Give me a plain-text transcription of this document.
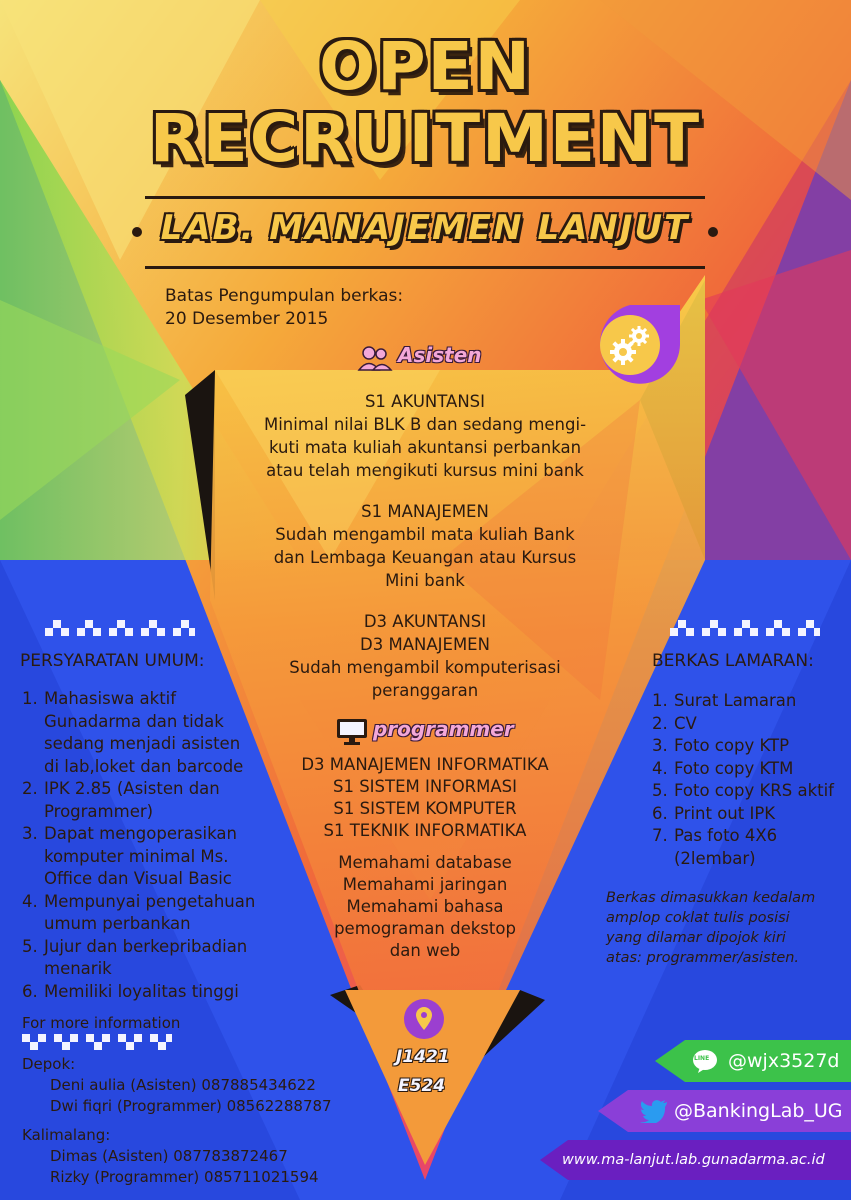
OPEN
RECRUITMENT
LAB. MANAJEMEN LANJUT
Batas Pengumpulan berkas:
20 Desember 2015
Asisten
S1 AKUNTANSI
Minimal nilai BLK B dan sedang mengi-
kuti mata kuliah akuntansi perbankan
atau telah mengikuti kursus mini bank
S1 MANAJEMEN
Sudah mengambil mata kuliah Bank
dan Lembaga Keuangan atau Kursus
Mini bank
D3 AKUNTANSI
D3 MANAJEMEN
Sudah mengambil komputerisasi
peranggaran
programmer
D3 MANAJEMEN INFORMATIKA
S1 SISTEM INFORMASI
S1 SISTEM KOMPUTER
S1 TEKNIK INFORMATIKA
Memahami database
Memahami jaringan
Memahami bahasa
pemograman dekstop
dan web
J1421
E524
PERSYARATAN UMUM:
1. Mahasiswa aktif
Gunadarma dan tidak
sedang menjadi asisten
di lab,loket dan barcode
2. IPK 2.85 (Asisten dan
Programmer)
3. Dapat mengoperasikan
komputer minimal Ms.
Office dan Visual Basic
4. Mempunyai pengetahuan
umum perbankan
5. Jujur dan berkepribadian
menarik
6. Memiliki loyalitas tinggi
For more information
Depok:
Deni aulia (Asisten) 087885434622
Dwi fiqri (Programmer) 08562288787
Kalimalang:
Dimas (Asisten) 087783872467
Rizky (Programmer) 085711021594
BERKAS LAMARAN:
1. Surat Lamaran
2. CV
3. Foto copy KTP
4. Foto copy KTM
5. Foto copy KRS aktif
6. Print out IPK
7. Pas foto 4X6
(2lembar)
Berkas dimasukkan kedalam
amplop coklat tulis posisi
yang dilamar dipojok kiri
atas: programmer/asisten.
LINE @wjx3527d
@BankingLab_UG
www.ma-lanjut.lab.gunadarma.ac.id
